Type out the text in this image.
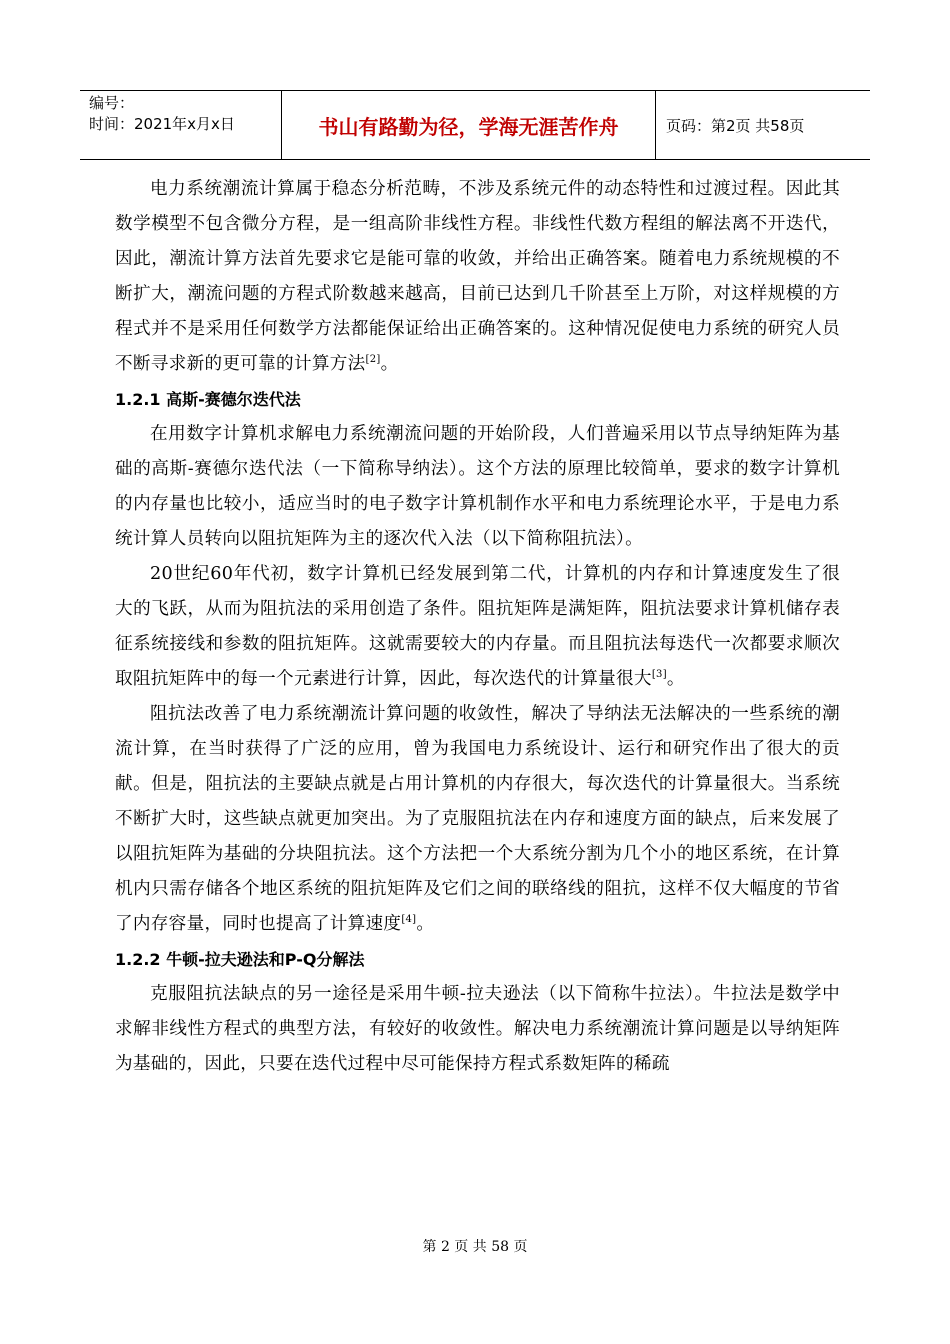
编号：
时间：2021年x月x日	书山有路勤为径，学海无涯苦作舟	页码：第2页 共58页

电力系统潮流计算属于稳态分析范畴，不涉及系统元件的动态特性和过渡过程。因此其数学模型不包含微分方程，是一组高阶非线性方程。非线性代数方程组的解法离不开迭代，因此，潮流计算方法首先要求它是能可靠的收敛，并给出正确答案。随着电力系统规模的不断扩大，潮流问题的方程式阶数越来越高，目前已达到几千阶甚至上万阶，对这样规模的方程式并不是采用任何数学方法都能保证给出正确答案的。这种情况促使电力系统的研究人员不断寻求新的更可靠的计算方法[2]。

1.2.1 高斯-赛德尔迭代法

在用数字计算机求解电力系统潮流问题的开始阶段，人们普遍采用以节点导纳矩阵为基础的高斯-赛德尔迭代法（一下简称导纳法）。这个方法的原理比较简单，要求的数字计算机的内存量也比较小，适应当时的电子数字计算机制作水平和电力系统理论水平，于是电力系统计算人员转向以阻抗矩阵为主的逐次代入法（以下简称阻抗法）。

20世纪60年代初，数字计算机已经发展到第二代，计算机的内存和计算速度发生了很大的飞跃，从而为阻抗法的采用创造了条件。阻抗矩阵是满矩阵，阻抗法要求计算机储存表征系统接线和参数的阻抗矩阵。这就需要较大的内存量。而且阻抗法每迭代一次都要求顺次取阻抗矩阵中的每一个元素进行计算，因此，每次迭代的计算量很大[3]。

阻抗法改善了电力系统潮流计算问题的收敛性，解决了导纳法无法解决的一些系统的潮流计算，在当时获得了广泛的应用，曾为我国电力系统设计、运行和研究作出了很大的贡献。但是，阻抗法的主要缺点就是占用计算机的内存很大，每次迭代的计算量很大。当系统不断扩大时，这些缺点就更加突出。为了克服阻抗法在内存和速度方面的缺点，后来发展了以阻抗矩阵为基础的分块阻抗法。这个方法把一个大系统分割为几个小的地区系统，在计算机内只需存储各个地区系统的阻抗矩阵及它们之间的联络线的阻抗，这样不仅大幅度的节省了内存容量，同时也提高了计算速度[4]。

1.2.2 牛顿-拉夫逊法和P-Q分解法

克服阻抗法缺点的另一途径是采用牛顿-拉夫逊法（以下简称牛拉法）。牛拉法是数学中求解非线性方程式的典型方法，有较好的收敛性。解决电力系统潮流计算问题是以导纳矩阵为基础的，因此，只要在迭代过程中尽可能保持方程式系数矩阵的稀疏

第 2 页 共 58 页
